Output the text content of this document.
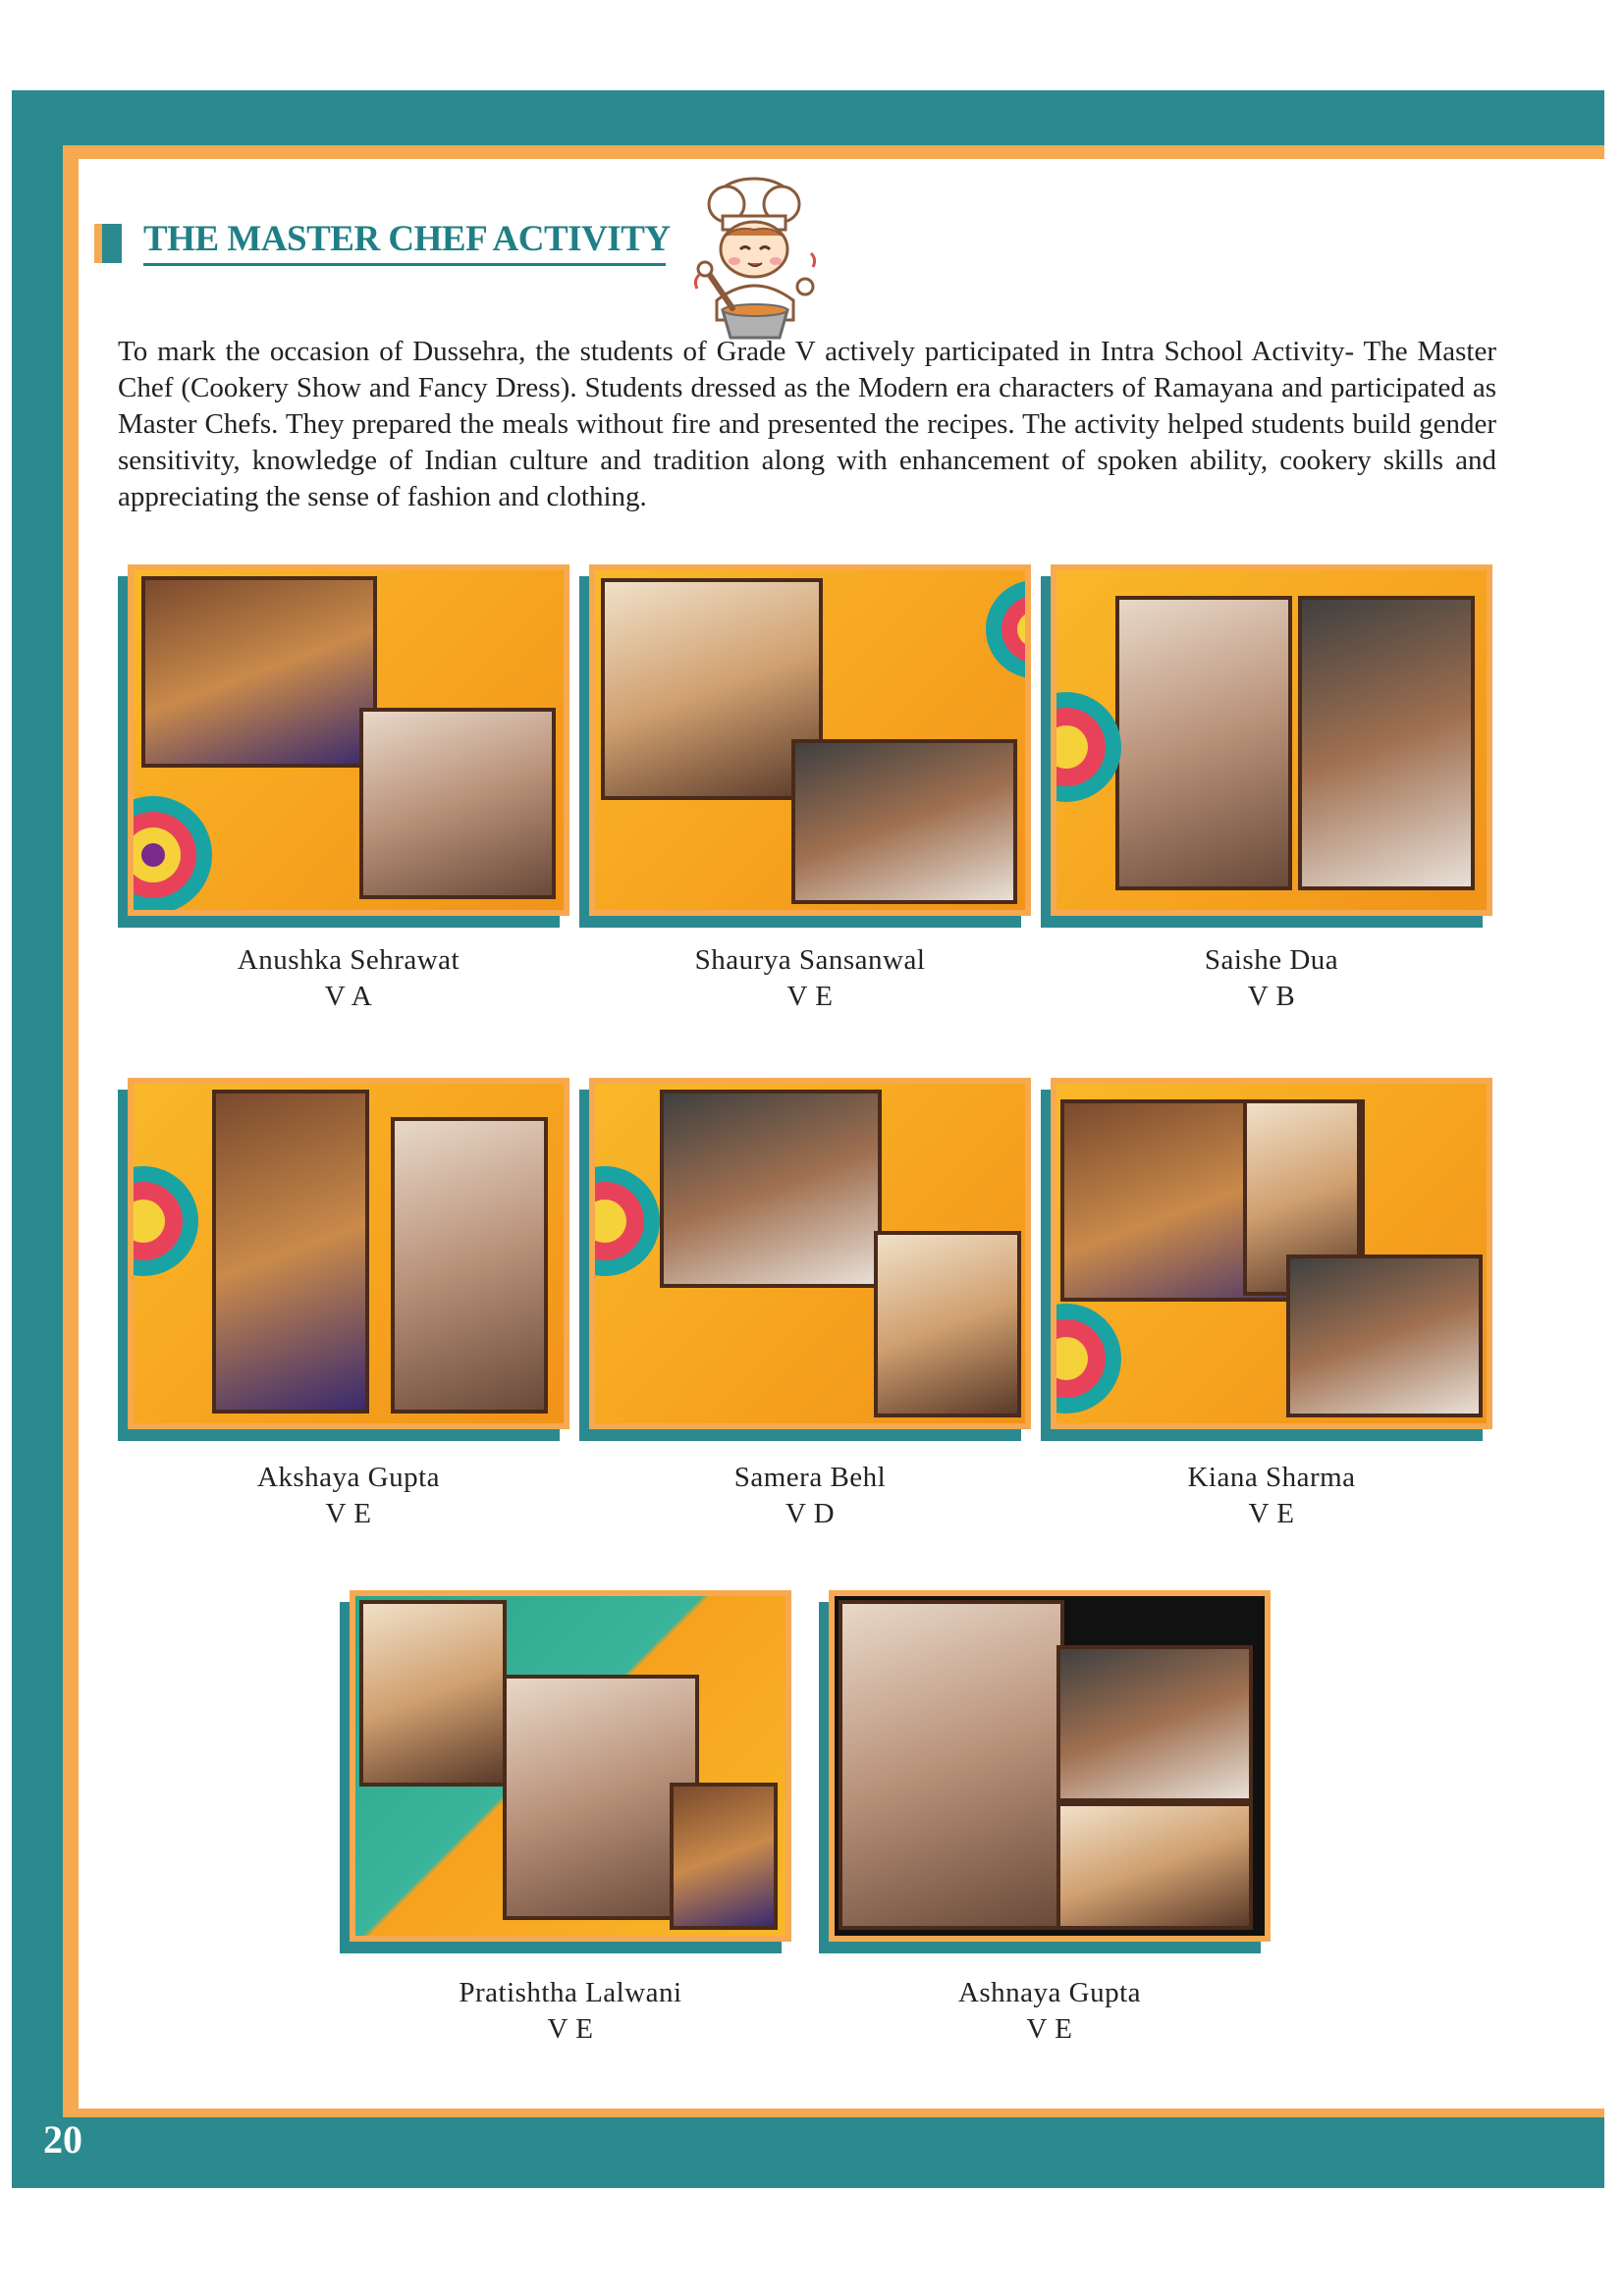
20
THE MASTER CHEF ACTIVITY

To mark the occasion of Dussehra, the students of Grade V actively participated in Intra School Activity- The Master Chef (Cookery Show and Fancy Dress). Students dressed as the Modern era characters of Ramayana and participated as Master Chefs. They prepared the meals without fire and presented the recipes. The activity helped students build gender sensitivity, knowledge of Indian culture and tradition along with enhancement of spoken ability, cookery skills and appreciating the sense of fashion and clothing.

Anushka Sehrawat
V A
Shaurya Sansanwal
V E
Saishe Dua
V B
Akshaya Gupta
V E
Samera Behl
V D
Kiana Sharma
V E
Pratishtha Lalwani
V E
Ashnaya Gupta
V E
